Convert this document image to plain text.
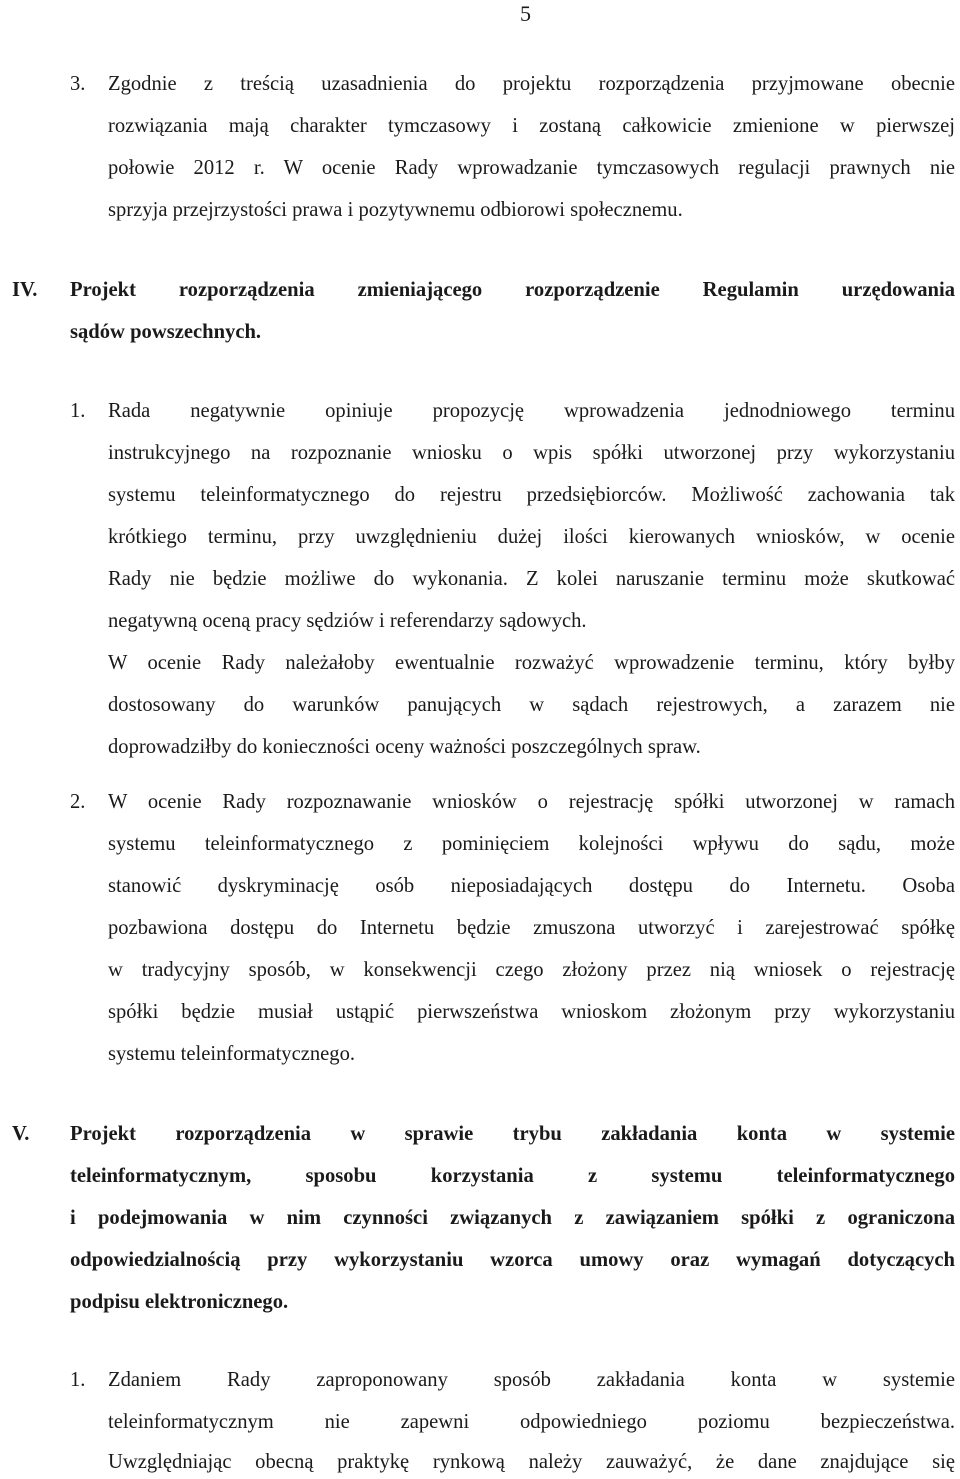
5
3. Zgodnie z treścią uzasadnienia do projektu rozporządzenia przyjmowane obecnie
rozwiązania mają charakter tymczasowy i zostaną całkowicie zmienione w pierwszej
połowie 2012 r. W ocenie Rady wprowadzanie tymczasowych regulacji prawnych nie
sprzyja przejrzystości prawa i pozytywnemu odbiorowi społecznemu.
IV. Projekt rozporządzenia zmieniającego rozporządzenie Regulamin urzędowania
sądów powszechnych.
1. Rada negatywnie opiniuje propozycję wprowadzenia jednodniowego terminu
instrukcyjnego na rozpoznanie wniosku o wpis spółki utworzonej przy wykorzystaniu
systemu teleinformatycznego do rejestru przedsiębiorców. Możliwość zachowania tak
krótkiego terminu, przy uwzględnieniu dużej ilości kierowanych wniosków, w ocenie
Rady nie będzie możliwe do wykonania. Z kolei naruszanie terminu może skutkować
negatywną oceną pracy sędziów i referendarzy sądowych.
W ocenie Rady należałoby ewentualnie rozważyć wprowadzenie terminu, który byłby
dostosowany do warunków panujących w sądach rejestrowych, a zarazem nie
doprowadziłby do konieczności oceny ważności poszczególnych spraw.
2. W ocenie Rady rozpoznawanie wniosków o rejestrację spółki utworzonej w ramach
systemu teleinformatycznego z pominięciem kolejności wpływu do sądu, może
stanowić dyskryminację osób nieposiadających dostępu do Internetu. Osoba
pozbawiona dostępu do Internetu będzie zmuszona utworzyć i zarejestrować spółkę
w tradycyjny sposób, w konsekwencji czego złożony przez nią wniosek o rejestrację
spółki będzie musiał ustąpić pierwszeństwa wnioskom złożonym przy wykorzystaniu
systemu teleinformatycznego.
V. Projekt rozporządzenia w sprawie trybu zakładania konta w systemie
teleinformatycznym, sposobu korzystania z systemu teleinformatycznego
i podejmowania w nim czynności związanych z zawiązaniem spółki z ograniczona
odpowiedzialnością przy wykorzystaniu wzorca umowy oraz wymagań dotyczących
podpisu elektronicznego.
1. Zdaniem Rady zaproponowany sposób zakładania konta w systemie
teleinformatycznym nie zapewni odpowiedniego poziomu bezpieczeństwa.
Uwzględniając obecną praktykę rynkową należy zauważyć, że dane znajdujące się
